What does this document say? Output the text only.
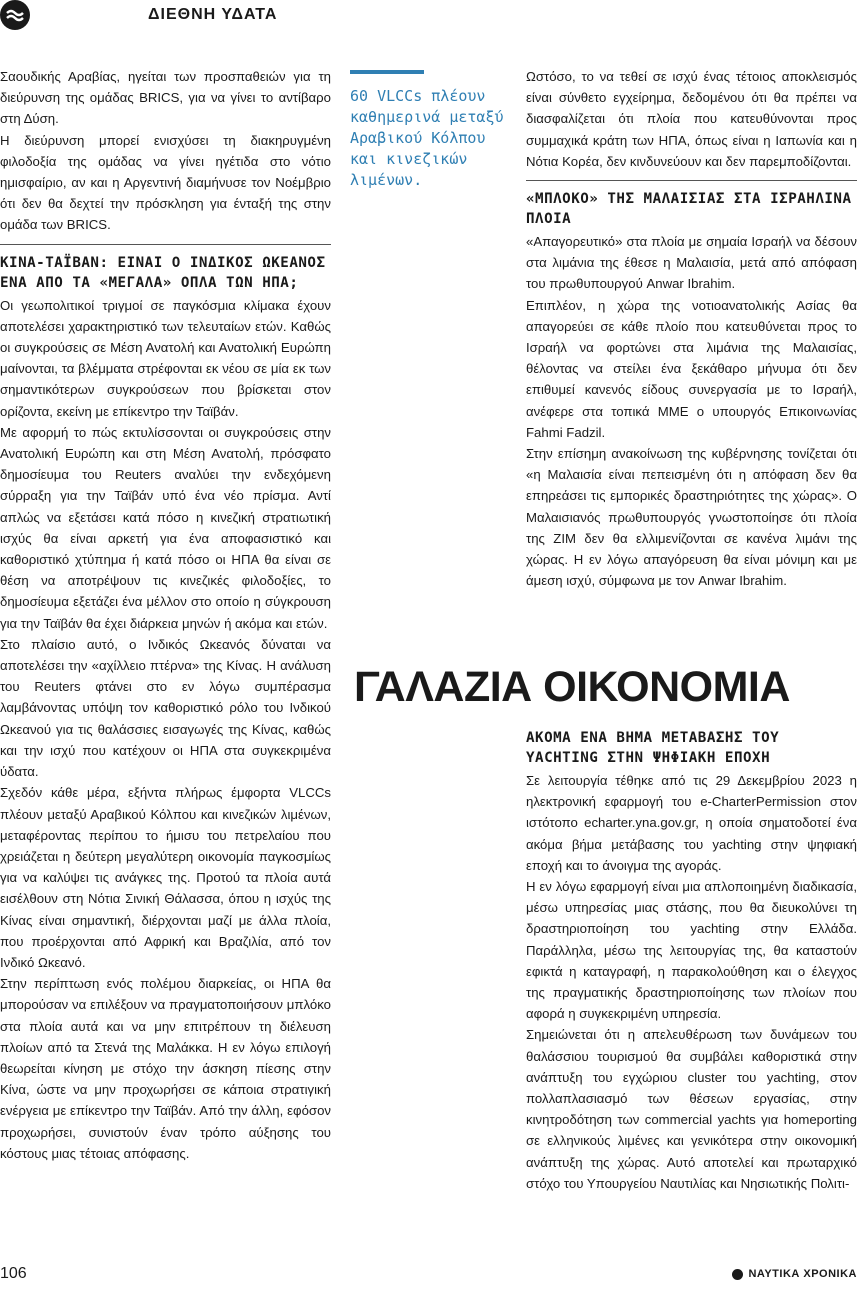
ΔΙΕΘΝΗ ΥΔΑΤΑ

Σαουδικής Αραβίας, ηγείται των προσπαθειών για τη διεύρυνση της ομάδας BRICS, για να γίνει το αντίβαρο στη Δύση.

Η διεύρυνση μπορεί ενισχύσει τη διακηρυγμένη φιλοδοξία της ομάδας να γίνει ηγέτιδα στο νότιο ημισφαίριο, αν και η Αργεντινή διαμήνυσε τον Νοέμβριο ότι δεν θα δεχτεί την πρόσκληση για ένταξή της στην ομάδα των BRICS.

ΚΙΝΑ-ΤΑΪΒΑΝ: ΕΙΝΑΙ Ο ΙΝΔΙΚΟΣ ΩΚΕΑΝΟΣ ΕΝΑ ΑΠΟ ΤΑ «ΜΕΓΑΛΑ» ΟΠΛΑ ΤΩΝ ΗΠΑ;

Οι γεωπολιτικοί τριγμοί σε παγκόσμια κλίμακα έχουν αποτελέσει χαρακτηριστικό των τελευταίων ετών. Καθώς οι συγκρούσεις σε Μέση Ανατολή και Ανατολική Ευρώπη μαίνονται, τα βλέμματα στρέφονται εκ νέου σε μία εκ των σημαντικότερων συγκρούσεων που βρίσκεται στον ορίζοντα, εκείνη με επίκεντρο την Ταϊβάν.

Με αφορμή το πώς εκτυλίσσονται οι συγκρούσεις στην Ανατολική Ευρώπη και στη Μέση Ανατολή, πρόσφατο δημοσίευμα του Reuters αναλύει την ενδεχόμενη σύρραξη για την Ταϊβάν υπό ένα νέο πρίσμα. Αντί απλώς να εξετάσει κατά πόσο η κινεζική στρατιωτική ισχύς θα είναι αρκετή για ένα αποφασιστικό και καθοριστικό χτύπημα ή κατά πόσο οι ΗΠΑ θα είναι σε θέση να αποτρέψουν τις κινεζικές φιλοδοξίες, το δημοσίευμα εξετάζει ένα μέλλον στο οποίο η σύγκρουση για την Ταϊβάν θα έχει διάρκεια μηνών ή ακόμα και ετών.

Στο πλαίσιο αυτό, ο Ινδικός Ωκεανός δύναται να αποτελέσει την «αχίλλειο πτέρνα» της Κίνας. Η ανάλυση του Reuters φτάνει στο εν λόγω συμπέρασμα λαμβάνοντας υπόψη τον καθοριστικό ρόλο του Ινδικού Ωκεανού για τις θαλάσσιες εισαγωγές της Κίνας, καθώς και την ισχύ που κατέχουν οι ΗΠΑ στα συγκεκριμένα ύδατα.

Σχεδόν κάθε μέρα, εξήντα πλήρως έμφορτα VLCCs πλέουν μεταξύ Αραβικού Κόλπου και κινεζικών λιμένων, μεταφέροντας περίπου το ήμισυ του πετρελαίου που χρειάζεται η δεύτερη μεγαλύτερη οικονομία παγκοσμίως για να καλύψει τις ανάγκες της. Προτού τα πλοία αυτά εισέλθουν στη Νότια Σινική Θάλασσα, όπου η ισχύς της Κίνας είναι σημαντική, διέρχονται μαζί με άλλα πλοία, που προέρχονται από Αφρική και Βραζιλία, από τον Ινδικό Ωκεανό.

Στην περίπτωση ενός πολέμου διαρκείας, οι ΗΠΑ θα μπορούσαν να επιλέξουν να πραγματοποιήσουν μπλόκο στα πλοία αυτά και να μην επιτρέπουν τη διέλευση πλοίων από τα Στενά της Μαλάκκα. Η εν λόγω επιλογή θεωρείται κίνηση με στόχο την άσκηση πίεσης στην Κίνα, ώστε να μην προχωρήσει σε κάποια στρατιγική ενέργεια με επίκεντρο την Ταϊβάν. Από την άλλη, εφόσον προχωρήσει, συνιστούν έναν τρόπο αύξησης του κόστους μιας τέτοιας απόφασης.

60 VLCCs πλέουν καθημερινά μεταξύ Αραβικού Κόλπου και κινεζικών λιμένων.

Ωστόσο, το να τεθεί σε ισχύ ένας τέτοιος αποκλεισμός είναι σύνθετο εγχείρημα, δεδομένου ότι θα πρέπει να διασφαλίζεται ότι πλοία που κατευθύνονται προς συμμαχικά κράτη των ΗΠΑ, όπως είναι η Ιαπωνία και η Νότια Κορέα, δεν κινδυνεύουν και δεν παρεμποδίζονται.

«ΜΠΛΟΚΟ» ΤΗΣ ΜΑΛΑΙΣΙΑΣ ΣΤΑ ΙΣΡΑΗΛΙΝΑ ΠΛΟΙΑ

«Απαγορευτικό» στα πλοία με σημαία Ισραήλ να δέσουν στα λιμάνια της έθεσε η Μαλαισία, μετά από απόφαση του πρωθυπουργού Anwar Ibrahim.

Επιπλέον, η χώρα της νοτιοανατολικής Ασίας θα απαγορεύει σε κάθε πλοίο που κατευθύνεται προς το Ισραήλ να φορτώνει στα λιμάνια της Μαλαισίας, θέλοντας να στείλει ένα ξεκάθαρο μήνυμα ότι δεν επιθυμεί κανενός είδους συνεργασία με το Ισραήλ, ανέφερε στα τοπικά ΜΜΕ ο υπουργός Επικοινωνίας Fahmi Fadzil.

Στην επίσημη ανακοίνωση της κυβέρνησης τονίζεται ότι «η Μαλαισία είναι πεπεισμένη ότι η απόφαση δεν θα επηρεάσει τις εμπορικές δραστηριότητες της χώρας». Ο Μαλαισιανός πρωθυπουργός γνωστοποίησε ότι πλοία της ZIM δεν θα ελλιμενίζονται σε κανένα λιμάνι της χώρας. Η εν λόγω απαγόρευση θα είναι μόνιμη και με άμεση ισχύ, σύμφωνα με τον Anwar Ibrahim.

ΓΑΛΑΖΙΑ ΟΙΚΟΝΟΜΙΑ
ΑΚΟΜΑ ΕΝΑ ΒΗΜΑ ΜΕΤΑΒΑΣΗΣ ΤΟΥ YACHTING ΣΤΗΝ ΨΗΦΙΑΚΗ ΕΠΟΧΗ

Σε λειτουργία τέθηκε από τις 29 Δεκεμβρίου 2023 η ηλεκτρονική εφαρμογή του e-CharterPermission στον ιστότοπο echarter.yna.gov.gr, η οποία σηματοδοτεί ένα ακόμα βήμα μετάβασης του yachting στην ψηφιακή εποχή και το άνοιγμα της αγοράς.

Η εν λόγω εφαρμογή είναι μια απλοποιημένη διαδικασία, μέσω υπηρεσίας μιας στάσης, που θα διευκολύνει τη δραστηριοποίηση του yachting στην Ελλάδα. Παράλληλα, μέσω της λειτουργίας της, θα καταστούν εφικτά η καταγραφή, η παρακολούθηση και ο έλεγχος της πραγματικής δραστηριοποίησης των πλοίων που αφορά η συγκεκριμένη υπηρεσία.

Σημειώνεται ότι η απελευθέρωση των δυνάμεων του θαλάσσιου τουρισμού θα συμβάλει καθοριστικά στην ανάπτυξη του εγχώριου cluster του yachting, στον πολλαπλασιασμό των θέσεων εργασίας, στην κινητροδότηση των commercial yachts για homeporting σε ελληνικούς λιμένες και γενικότερα στην οικονομική ανάπτυξη της χώρας. Αυτό αποτελεί και πρωταρχικό στόχο του Υπουργείου Ναυτιλίας και Νησιωτικής Πολιτι-

106	ΝΑΥΤΙΚΑ ΧΡΟΝΙΚΑ
